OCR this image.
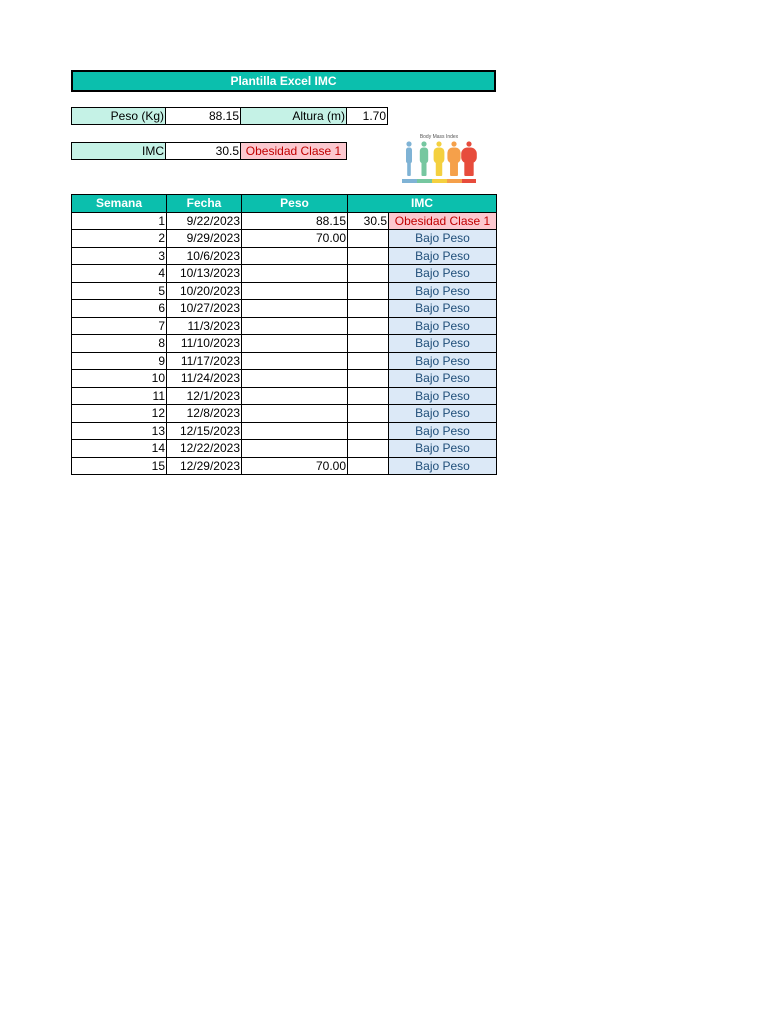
Plantilla Excel IMC
Peso (Kg)	88.15	Altura (m)	1.70
IMC	30.5 Obesidad Clase 1
Body Mass Index
Semana	Fecha	Peso	IMC	
1	9/22/2023	88.15	30.5	Obesidad Clase 1
2	9/29/2023	70.00		Bajo Peso
3	10/6/2023			Bajo Peso
4	10/13/2023			Bajo Peso
5	10/20/2023			Bajo Peso
6	10/27/2023			Bajo Peso
7	11/3/2023			Bajo Peso
8	11/10/2023			Bajo Peso
9	11/17/2023			Bajo Peso
10	11/24/2023			Bajo Peso
11	12/1/2023			Bajo Peso
12	12/8/2023			Bajo Peso
13	12/15/2023			Bajo Peso
14	12/22/2023			Bajo Peso
15	12/29/2023	70.00		Bajo Peso
